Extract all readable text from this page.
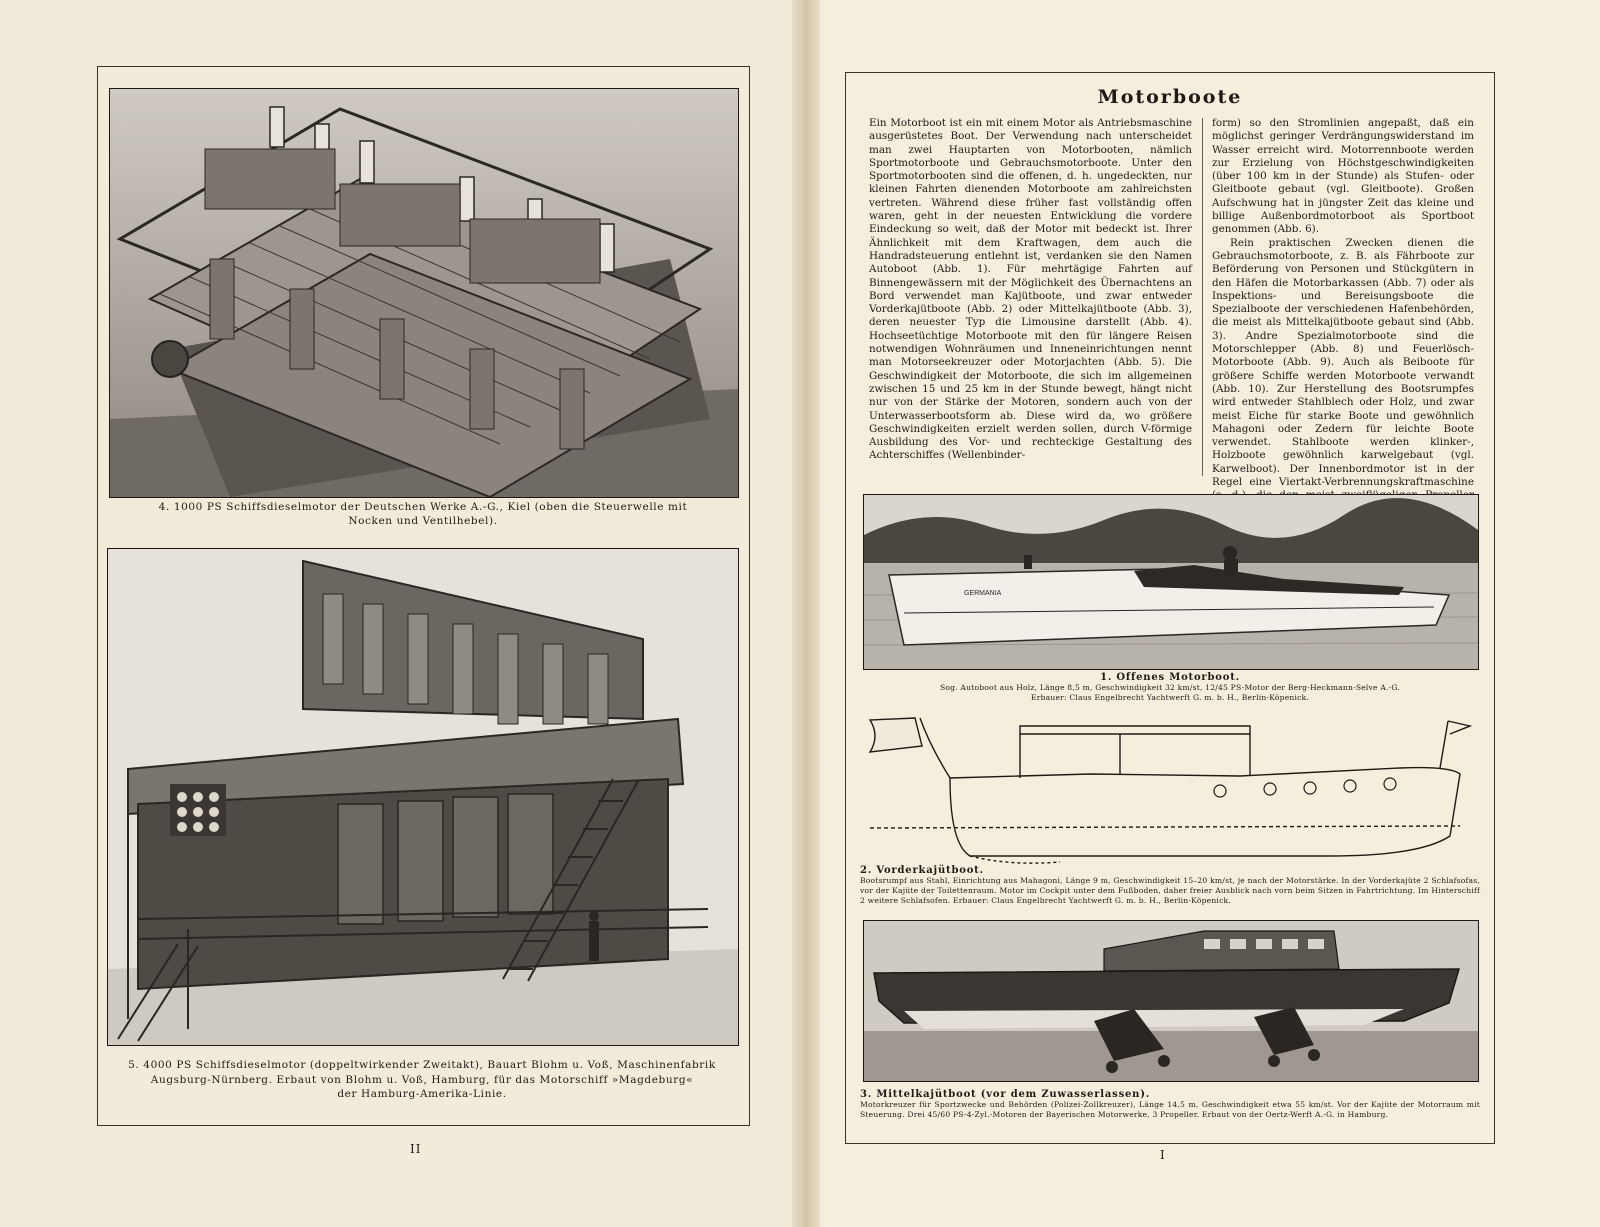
4. 1000 PS Schiffsdieselmotor der Deutschen Werke A.-G., Kiel (oben die Steuerwelle mit
Nocken und Ventilhebel).
5. 4000 PS Schiffsdieselmotor (doppeltwirkender Zweitakt), Bauart Blohm u. Voß, Maschinenfabrik
Augsburg-Nürnberg. Erbaut von Blohm u. Voß, Hamburg, für das Motorschiff »Magdeburg«
der Hamburg-Amerika-Linie.
II
Motorboote

Ein Motorboot ist ein mit einem Motor als Antriebsmaschine ausgerüstetes Boot. Der Verwendung nach unterscheidet man zwei Hauptarten von Motorbooten, nämlich Sportmotorboote und Gebrauchsmotorboote. Unter den Sportmotorbooten sind die offenen, d. h. ungedeckten, nur kleinen Fahrten dienenden Motorboote am zahlreichsten vertreten. Während diese früher fast vollständig offen waren, geht in der neuesten Entwicklung die vordere Eindeckung so weit, daß der Motor mit bedeckt ist. Ihrer Ähnlichkeit mit dem Kraftwagen, dem auch die Handradsteuerung entlehnt ist, verdanken sie den Namen Autoboot (Abb. 1). Für mehrtägige Fahrten auf Binnengewässern mit der Möglichkeit des Übernachtens an Bord verwendet man Kajütboote, und zwar entweder Vorderkajütboote (Abb. 2) oder Mittelkajütboote (Abb. 3), deren neuester Typ die Limousine darstellt (Abb. 4). Hochseetüchtige Motorboote mit den für längere Reisen notwendigen Wohnräumen und Inneneinrichtungen nennt man Motorseekreuzer oder Motorjachten (Abb. 5). Die Geschwindigkeit der Motorboote, die sich im allgemeinen zwischen 15 und 25 km in der Stunde bewegt, hängt nicht nur von der Stärke der Motoren, sondern auch von der Unterwasserbootsform ab. Diese wird da, wo größere Geschwindigkeiten erzielt werden sollen, durch V-förmige Ausbildung des Vor- und rechteckige Gestaltung des Achterschiffes (Wellenbinder-

form) so den Stromlinien angepaßt, daß ein möglichst geringer Verdrängungswiderstand im Wasser erreicht wird. Motorrennboote werden zur Erzielung von Höchstgeschwindigkeiten (über 100 km in der Stunde) als Stufen- oder Gleitboote gebaut (vgl. Gleitboote). Großen Aufschwung hat in jüngster Zeit das kleine und billige Außenbordmotorboot als Sportboot genommen (Abb. 6).

Rein praktischen Zwecken dienen die Gebrauchsmotorboote, z. B. als Fährboote zur Beförderung von Personen und Stückgütern in den Häfen die Motorbarkassen (Abb. 7) oder als Inspektions- und Bereisungsboote die Spezialboote der verschiedenen Hafenbehörden, die meist als Mittelkajütboote gebaut sind (Abb. 3). Andre Spezialmotorboote sind die Motorschlepper (Abb. 8) und Feuerlösch-Motorboote (Abb. 9). Auch als Beiboote für größere Schiffe werden Motorboote verwandt (Abb. 10). Zur Herstellung des Bootsrumpfes wird entweder Stahlblech oder Holz, und zwar meist Eiche für starke Boote und gewöhnlich Mahagoni oder Zedern für leichte Boote verwendet. Stahlboote werden klinker-, Holzboote gewöhnlich karwelgebaut (vgl. Karwelboot). Der Innenbordmotor ist in der Regel eine Viertakt-Verbrennungskraftmaschine

GERMANIA
1. Offenes Motorboot.
Sog. Autoboot aus Holz, Länge 8,5 m, Geschwindigkeit 32 km/st, 12/45 PS-Motor der Berg-Heckmann-Selve A.-G.
Erbauer: Claus Engelbrecht Yachtwerft G. m. b. H., Berlin-Köpenick.
2. Vorderkajütboot.
Bootsrumpf aus Stahl, Einrichtung aus Mahagoni, Länge 9 m, Geschwindigkeit 15–20 km/st, je nach der Motorstärke. In der Vorderkajüte 2 Schlafsofas, vor der Kajüte der Toilettenraum. Motor im Cockpit unter dem Fußboden, daher freier Ausblick nach vorn beim Sitzen in Fahrtrichtung. Im Hinterschiff 2 weitere Schlafsofen. Erbauer: Claus Engelbrecht Yachtwerft G. m. b. H., Berlin-Köpenick.
3. Mittelkajütboot (vor dem Zuwasserlassen).
Motorkreuzer für Sportzwecke und Behörden (Polizei-Zollkreuzer), Länge 14,5 m, Geschwindigkeit etwa 55 km/st. Vor der Kajüte der Motorraum mit Steuerung. Drei 45/60 PS-4-Zyl.-Motoren der Bayerischen Motorwerke, 3 Propeller. Erbaut von der Oertz-Werft A.-G. in Hamburg.
I
